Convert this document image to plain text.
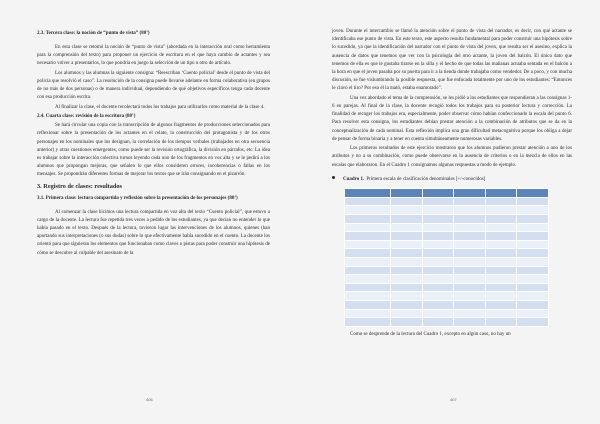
2.3. Tercera clase: la noción de “punto de vista” (80’)

En esta clase se retomó la noción de “punto de vista” (abordada en la interacción oral como herramienta para la comprensión del texto) para proponer un ejercicio de escritura en el que haya cambio de actantes y sea necesario volver a presentarlos, lo que pondría en juego la selección de un tipo u otro de artículo.

Los alumnos y las alumnas la siguiente consigna: “Reescriban ‘Cuento policial’ desde el punto de vista del policía que resolvió el caso”. La resolución de la consigna puede llevarse adelante en forma colaborativa (en grupos de no más de dos personas) o de manera individual, dependiendo de qué objetivos específicos tenga cada docente con esa producción escrita.

Al finalizar la clase, el docente recolectará todos los trabajos para utilizarlos como material de la clase 4.

2.4. Cuarta clase: revisión de la escritura (80’)

Se hará circular una copia con la transcripción de algunos fragmentos de producciones seleccionados para reflexionar sobre la presentación de los actantes en el relato, la construcción del protagonista y de los otros personajes en los nominales que los designan, la correlación de los tiempos verbales (trabajados en otra secuencia anterior) y otras cuestiones emergentes, como puede ser la revisión ortográfica, la división en párrafos, etc. La idea es trabajar sobre la interacción colectiva turnos leyendo cada uno de los fragmentos en voz alta y se le pedirá a los alumnos que propongan mejoras, que señalen lo que ellos consideren errores, incoherencias o fallas en los mensajes. Se propondrán diferentes formas de mejorar los textos que se irán consignando en el pizarrón.

3. Registro de clases: resultados
3.1. Primera clase: lectura compartida y reflexión sobre la presentación de los personajes (80’)

Al comenzar la clase hicimos una lectura compartida en voz alta del texto “Cuento policial”, que estuvo a cargo de la docente. La lectura fue repetida tres veces a pedido de los estudiantes, ya que decían no entender lo que había pasado en el texto. Después de la lectura, tuvieron lugar las intervenciones de los alumnos, quienes (han aportando sus interpretaciones (o sus dudas) sobre lo que efectivamente había sucedido en el cuento. La docente los orientó para que siguieran los elementos que funcionaban como claves o pistas para poder construir una hipótesis de cómo se descubre al culpable del asesinato de la

406

joven. Durante el intercambio se llamó la atención sobre el punto de vista del narrador, es decir, con qué actante se identificaba ese punto de vista. En este texto, este aspecto resulta fundamental para poder construir una hipótesis sobre lo sucedido, ya que la identificación del narrador con el punto de vista del joven, que resulta ser el asesino, explica la ausencia de datos que tenemos que ver con la psicología del otro actante, la joven del balcón. El único dato que tenemos de ella es que le gustaba tirarse en la silla y el hecho de que todas las mañanas actuaba sentada en el balcón a la hora en que el joven pasaba por su puerta para ir a la tienda donde trabajaba como vendedor. De a poco, y con mucha discusión, se fue vislumbrando la posible respuesta, que fue enfocada totalmente por uno de los estudiantes: “Entonces le clavó el tiro? Por eso él la mató, estaba enamorado”.

Una vez abordado el tema de la comprensión, se les pidió a los estudiantes que respondieran a las consignas 1-6 en parejas. Al final de la clase, la docente recogió todos los trabajos para su posterior lectura y corrección. La finalidad de recoger los trabajos era, especialmente, poder observar cómo habían confeccionado la escala del punto 6. Para resolver esta consigna, los estudiantes debían prestar atención a la combinación de atributos que se da en la conceptualización de cada nominal. Esta reflexión implica una gran dificultad metacognitiva porque los obliga a dejar de pensar de forma binaria y a tener en cuenta simultáneamente numerosas variables.

Los primeros resultados de este ejercicio mostraron que los alumnos pudieron prestar atención a uno de los atributos y no a su combinación, como puede observarse en la ausencia de criterios o en la mezcla de ellos en las escalas que elaboraron. En el Cuadro 1 consignamos algunas respuestas a modo de ejemplo.

Cuadro 1. Primera escala de clasificación denominales [+/-conocidos]

Como se desprende de la lectura del Cuadro 1, excepto en algún caso, no hay un

407
